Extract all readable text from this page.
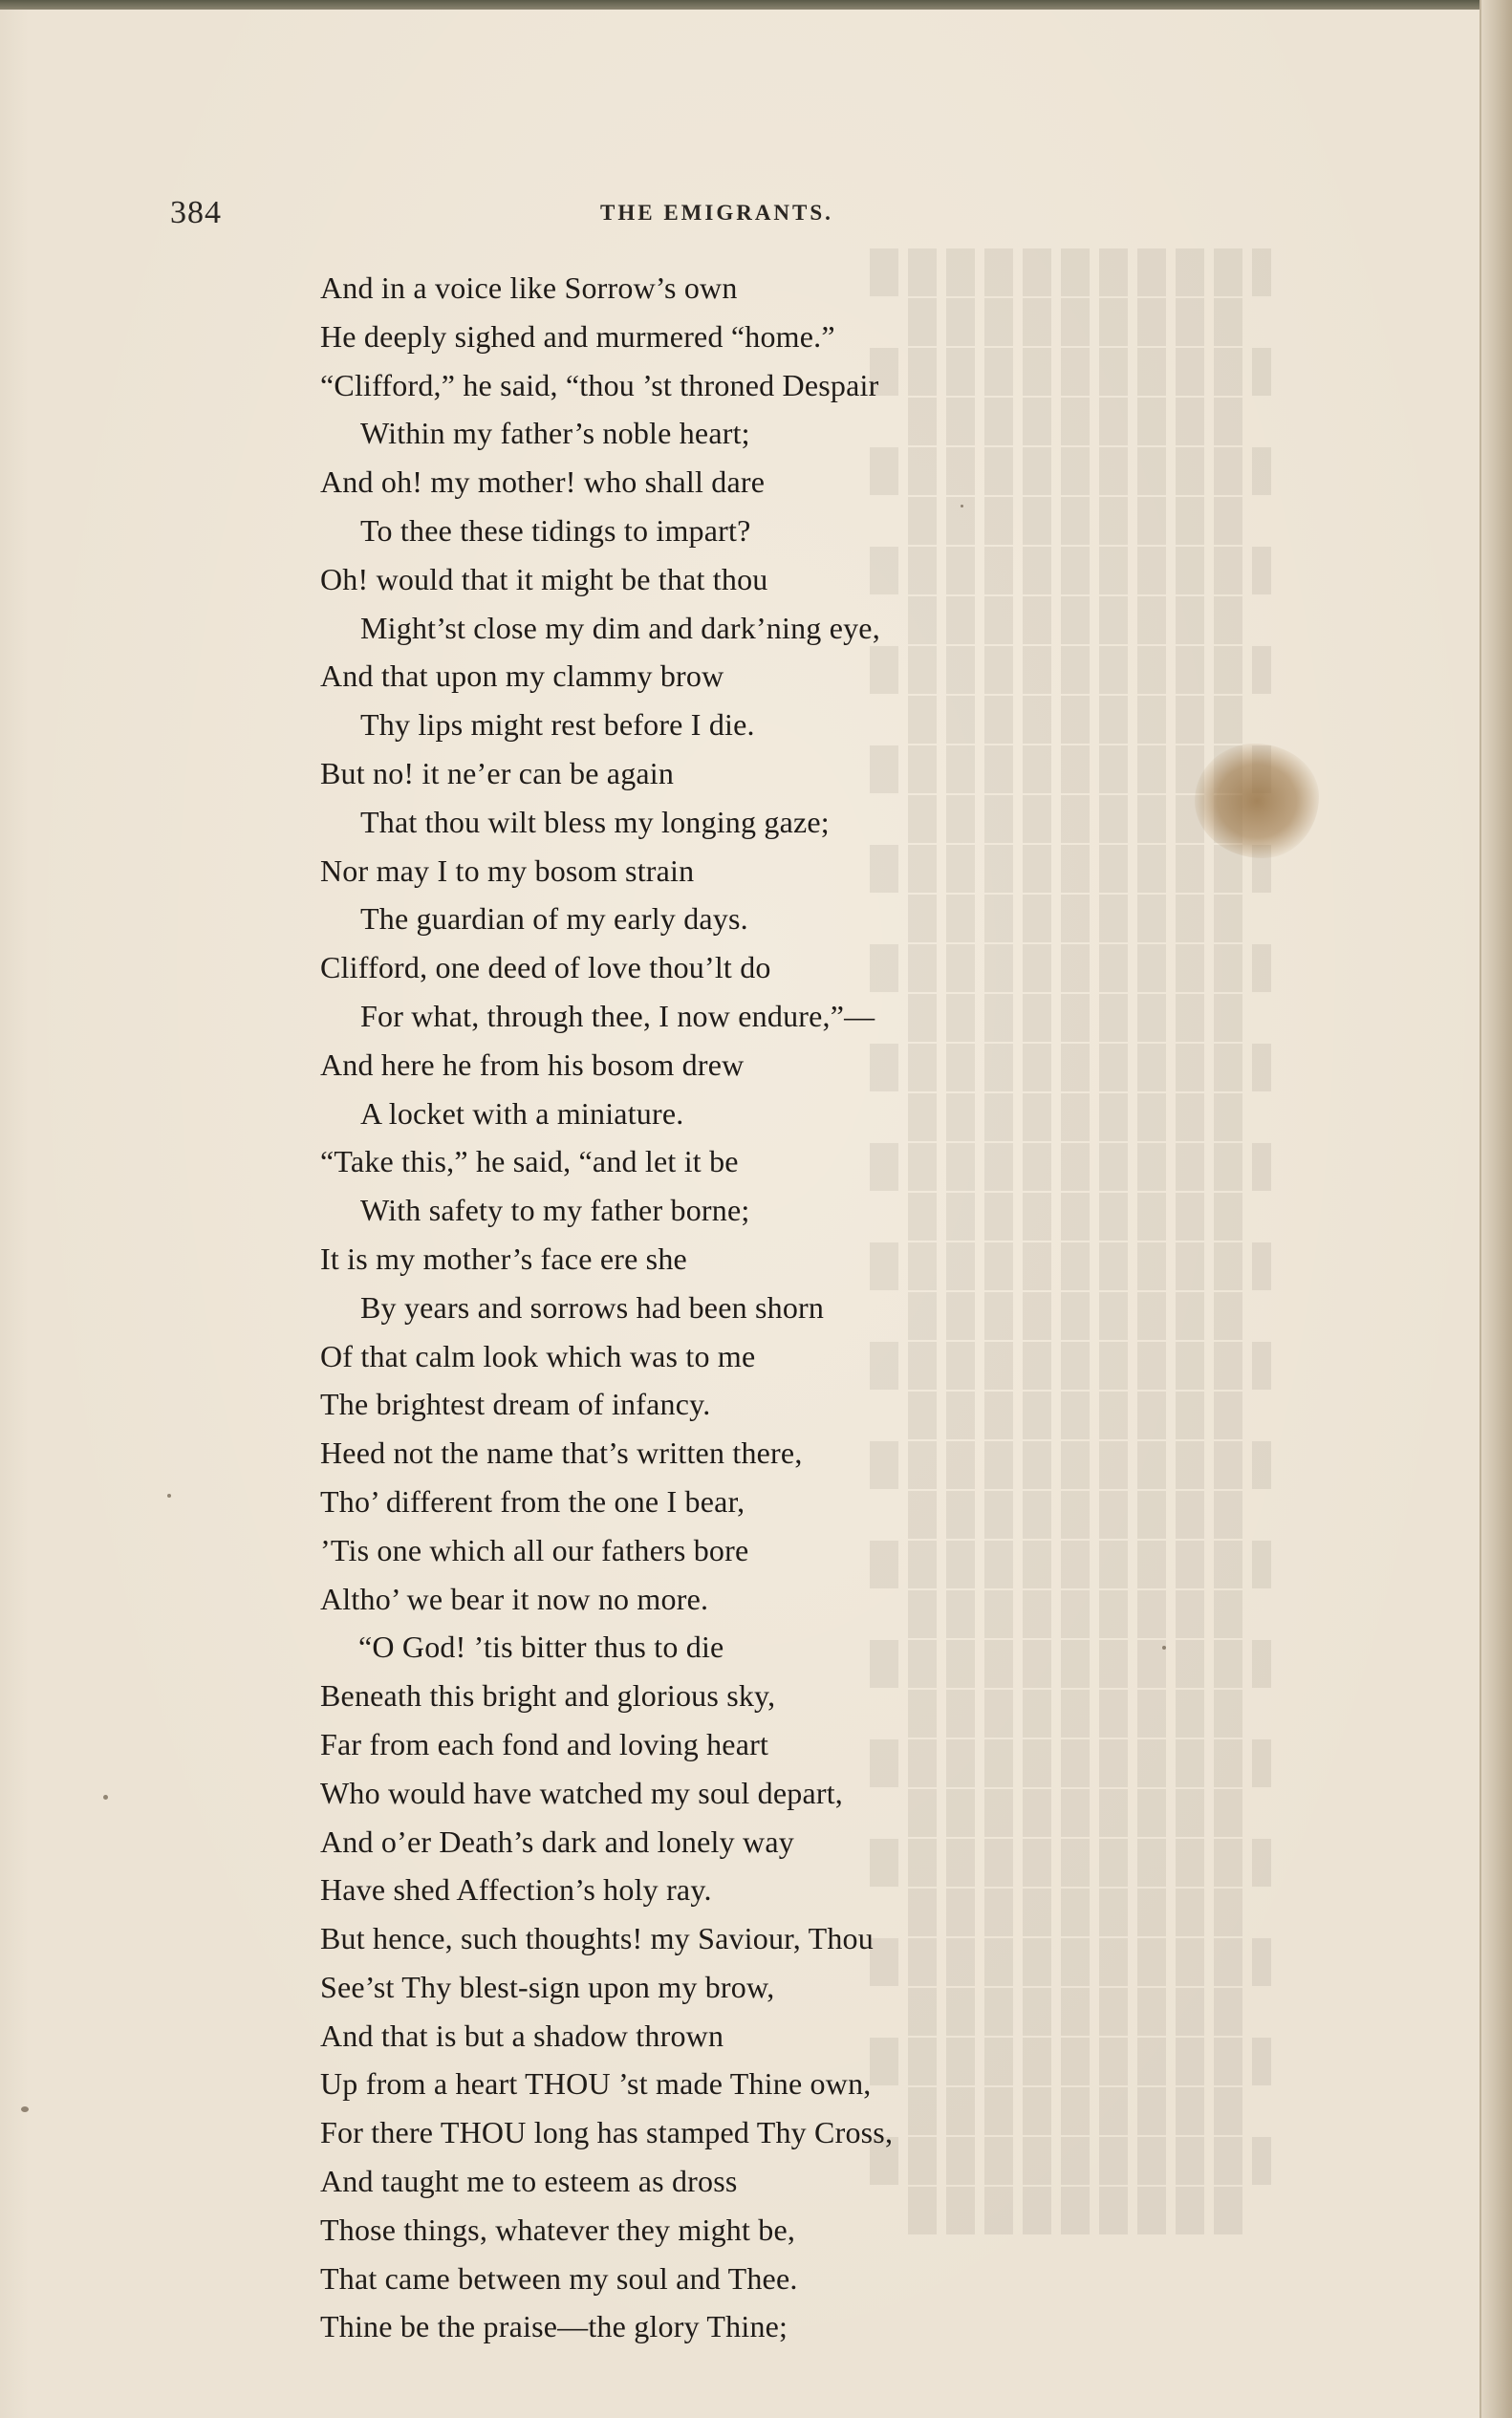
384	THE EMIGRANTS.
And in a voice like Sorrow’s own
He deeply sighed and murmered “home.”
“Clifford,” he said, “thou ’st throned Despair
Within my father’s noble heart;
And oh! my mother! who shall dare
To thee these tidings to impart?
Oh! would that it might be that thou
Might’st close my dim and dark’ning eye,
And that upon my clammy brow
Thy lips might rest before I die.
But no! it ne’er can be again
That thou wilt bless my longing gaze;
Nor may I to my bosom strain
The guardian of my early days.
Clifford, one deed of love thou’lt do
For what, through thee, I now endure,”—
And here he from his bosom drew
A locket with a miniature.
“Take this,” he said, “and let it be
With safety to my father borne;
It is my mother’s face ere she
By years and sorrows had been shorn
Of that calm look which was to me
The brightest dream of infancy.
Heed not the name that’s written there,
Tho’ different from the one I bear,
’Tis one which all our fathers bore
Altho’ we bear it now no more.
“O God! ’tis bitter thus to die
Beneath this bright and glorious sky,
Far from each fond and loving heart
Who would have watched my soul depart,
And o’er Death’s dark and lonely way
Have shed Affection’s holy ray.
But hence, such thoughts! my Saviour, Thou
See’st Thy blest-sign upon my brow,
And that is but a shadow thrown
Up from a heart THOU ’st made Thine own,
For there THOU long has stamped Thy Cross,
And taught me to esteem as dross
Those things, whatever they might be,
That came between my soul and Thee.
Thine be the praise—the glory Thine;
